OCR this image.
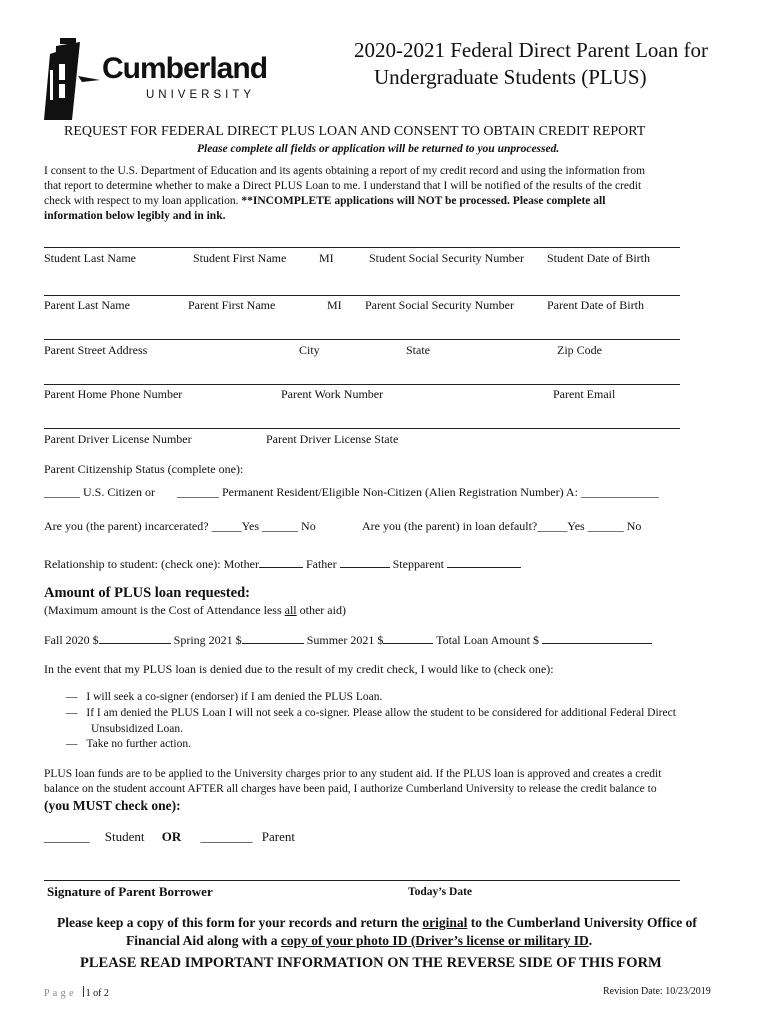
Cumberland
UNIVERSITY
2020-2021 Federal Direct Parent Loan for
Undergraduate Students (PLUS)
REQUEST FOR FEDERAL DIRECT PLUS LOAN AND CONSENT TO OBTAIN CREDIT REPORT
Please complete all fields or application will be returned to you unprocessed.
I consent to the U.S. Department of Education and its agents obtaining a report of my credit record and using the information from
that report to determine whether to make a Direct PLUS Loan to me. I understand that I will be notified of the results of the credit
check with respect to my loan application. **INCOMPLETE applications will NOT be processed. Please complete all
information below legibly and in ink.
Student Last Name	Student First Name	MI	Student Social Security Number Student Date of Birth
Parent Last Name	Parent First Name	MI Parent Social Security Number	Parent Date of Birth
Parent Street Address	City	State	Zip Code
Parent Home Phone Number	Parent Work Number	Parent Email
Parent Driver License Number	Parent Driver License State
Parent Citizenship Status (complete one):
______ U.S. Citizen or _______ Permanent Resident/Eligible Non-Citizen (Alien Registration Number) A: _____________
Are you (the parent) incarcerated? _____Yes ______ No	Are you (the parent) in loan default?_____Yes ______ No
Relationship to student: (check one): Mother	Father	Stepparent
Amount of PLUS loan requested:
(Maximum amount is the Cost of Attendance less all other aid)
Fall 2020 $	Spring 2021 $	Summer 2021 $	Total Loan Amount $
In the event that my PLUS loan is denied due to the result of my credit check, I would like to (check one):
— I will seek a co-signer (endorser) if I am denied the PLUS Loan.
— If I am denied the PLUS Loan I will not seek a co-signer. Please allow the student to be considered for additional Federal Direct
Unsubsidized Loan.
— Take no further action.
PLUS loan funds are to be applied to the University charges prior to any student aid. If the PLUS loan is approved and creates a credit
balance on the student account AFTER all charges have been paid, I authorize Cumberland University to release the credit balance to
(you MUST check one):
_______ Student OR ________ Parent
Signature of Parent Borrower	Today’s Date
Please keep a copy of this form for your records and return the original to the Cumberland University Office of
Financial Aid along with a copy of your photo ID (Driver’s license or military ID.
PLEASE READ IMPORTANT INFORMATION ON THE REVERSE SIDE OF THIS FORM
P a g e 1 of 2	Revision Date: 10/23/2019
